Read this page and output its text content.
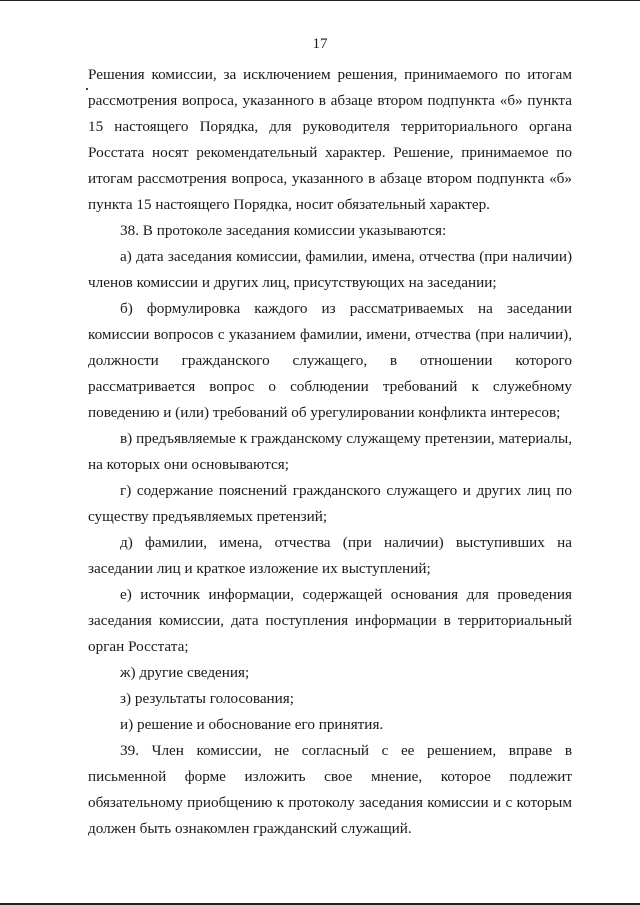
17

Решения комиссии, за исключением решения, принимаемого по итогам рассмотрения вопроса, указанного в абзаце втором подпункта «б» пункта 15 настоящего Порядка, для руководителя территориального органа Росстата носят рекомендательный характер. Решение, принимаемое по итогам рассмотрения вопроса, указанного в абзаце втором подпункта «б» пункта 15 настоящего Порядка, носит обязательный характер.

38. В протоколе заседания комиссии указываются:

а) дата заседания комиссии, фамилии, имена, отчества (при наличии) членов комиссии и других лиц, присутствующих на заседании;

б) формулировка каждого из рассматриваемых на заседании комиссии вопросов с указанием фамилии, имени, отчества (при наличии), должности гражданского служащего, в отношении которого рассматривается вопрос о соблюдении требований к служебному поведению и (или) требований об урегулировании конфликта интересов;

в) предъявляемые к гражданскому служащему претензии, материалы, на которых они основываются;

г) содержание пояснений гражданского служащего и других лиц по существу предъявляемых претензий;

д) фамилии, имена, отчества (при наличии) выступивших на заседании лиц и краткое изложение их выступлений;

е) источник информации, содержащей основания для проведения заседания комиссии, дата поступления информации в территориальный орган Росстата;

ж) другие сведения;

з) результаты голосования;

и) решение и обоснование его принятия.

39. Член комиссии, не согласный с ее решением, вправе в письменной форме изложить свое мнение, которое подлежит обязательному приобщению к протоколу заседания комиссии и с которым должен быть ознакомлен гражданский служащий.
